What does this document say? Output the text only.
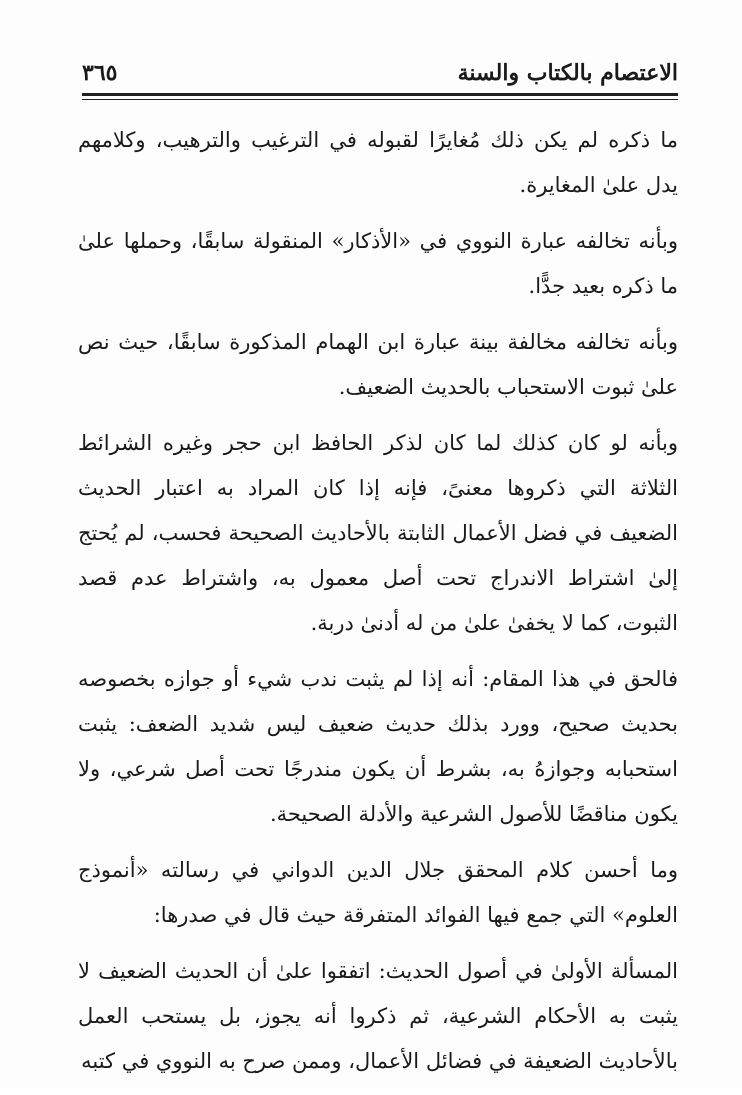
الاعتصام بالكتاب والسنة
٣٦٥

ما ذكره لم يكن ذلك مُغايرًا لقبوله في الترغيب والترهيب، وكلامهم يدل علىٰ المغايرة.

وبأنه تخالفه عبارة النووي في «الأذكار» المنقولة سابقًا، وحملها علىٰ ما ذكره بعيد جدًّا.

وبأنه تخالفه مخالفة بينة عبارة ابن الهمام المذكورة سابقًا، حيث نص علىٰ ثبوت الاستحباب بالحديث الضعيف.

وبأنه لو كان كذلك لما كان لذكر الحافظ ابن حجر وغيره الشرائط الثلاثة التي ذكروها معنىً، فإنه إذا كان المراد به اعتبار الحديث الضعيف في فضل الأعمال الثابتة بالأحاديث الصحيحة فحسب، لم يُحتج إلىٰ اشتراط الاندراج تحت أصل معمول به، واشتراط عدم قصد الثبوت، كما لا يخفىٰ علىٰ من له أدنىٰ دربة.

فالحق في هذا المقام: أنه إذا لم يثبت ندب شيء أو جوازه بخصوصه بحديث صحيح، وورد بذلك حديث ضعيف ليس شديد الضعف: يثبت استحبابه وجوازهُ به، بشرط أن يكون مندرجًا تحت أصل شرعي، ولا يكون مناقضًا للأصول الشرعية والأدلة الصحيحة.

وما أحسن كلام المحقق جلال الدين الدواني في رسالته «أنموذج العلوم» التي جمع فيها الفوائد المتفرقة حيث قال في صدرها:

المسألة الأولىٰ في أصول الحديث: اتفقوا علىٰ أن الحديث الضعيف لا يثبت به الأحكام الشرعية، ثم ذكروا أنه يجوز، بل يستحب العمل بالأحاديث الضعيفة في فضائل الأعمال، وممن صرح به النووي في كتبه
